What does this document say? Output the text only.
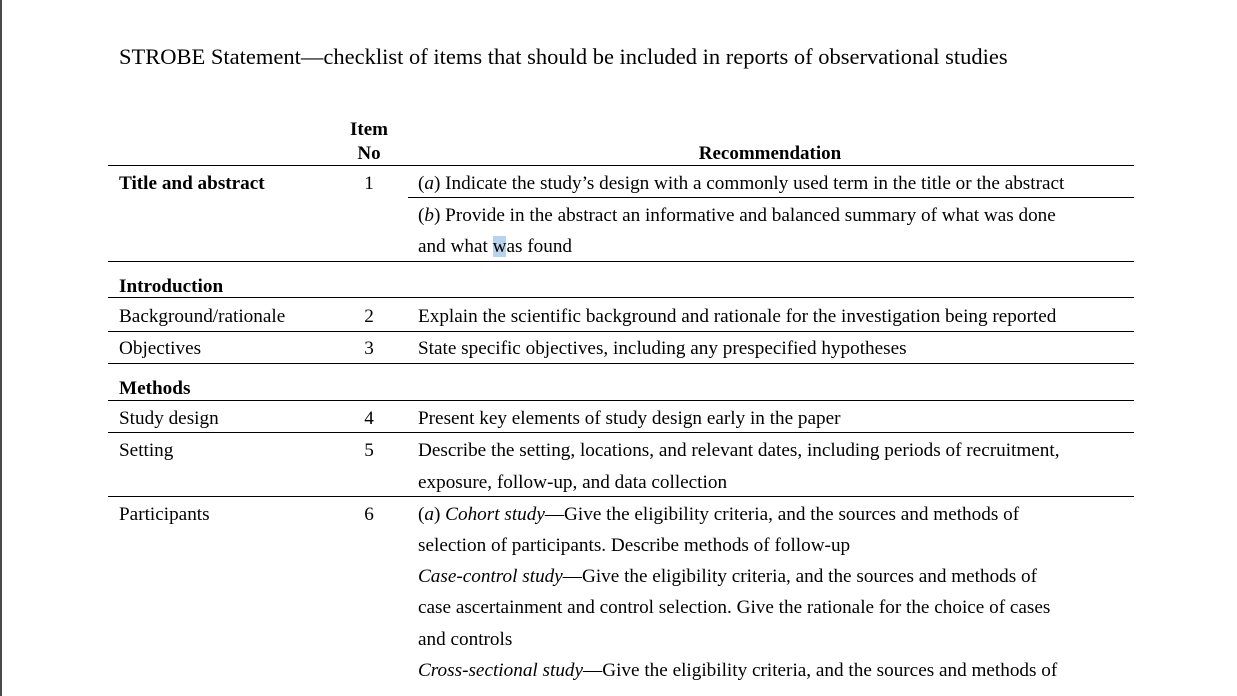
STROBE Statement—checklist of items that should be included in reports of observational studies
Item
No	Recommendation
Title and abstract	1 (a) Indicate the study’s design with a commonly used term in the title or the abstract
(b) Provide in the abstract an informative and balanced summary of what was done
and what was found
Introduction
Background/rationale	2 Explain the scientific background and rationale for the investigation being reported
Objectives	3 State specific objectives, including any prespecified hypotheses
Methods
Study design	4 Present key elements of study design early in the paper
Setting	5 Describe the setting, locations, and relevant dates, including periods of recruitment,
exposure, follow-up, and data collection
Participants	6 (a) Cohort study—Give the eligibility criteria, and the sources and methods of
selection of participants. Describe methods of follow-up
Case-control study—Give the eligibility criteria, and the sources and methods of
case ascertainment and control selection. Give the rationale for the choice of cases
and controls
Cross-sectional study—Give the eligibility criteria, and the sources and methods of
